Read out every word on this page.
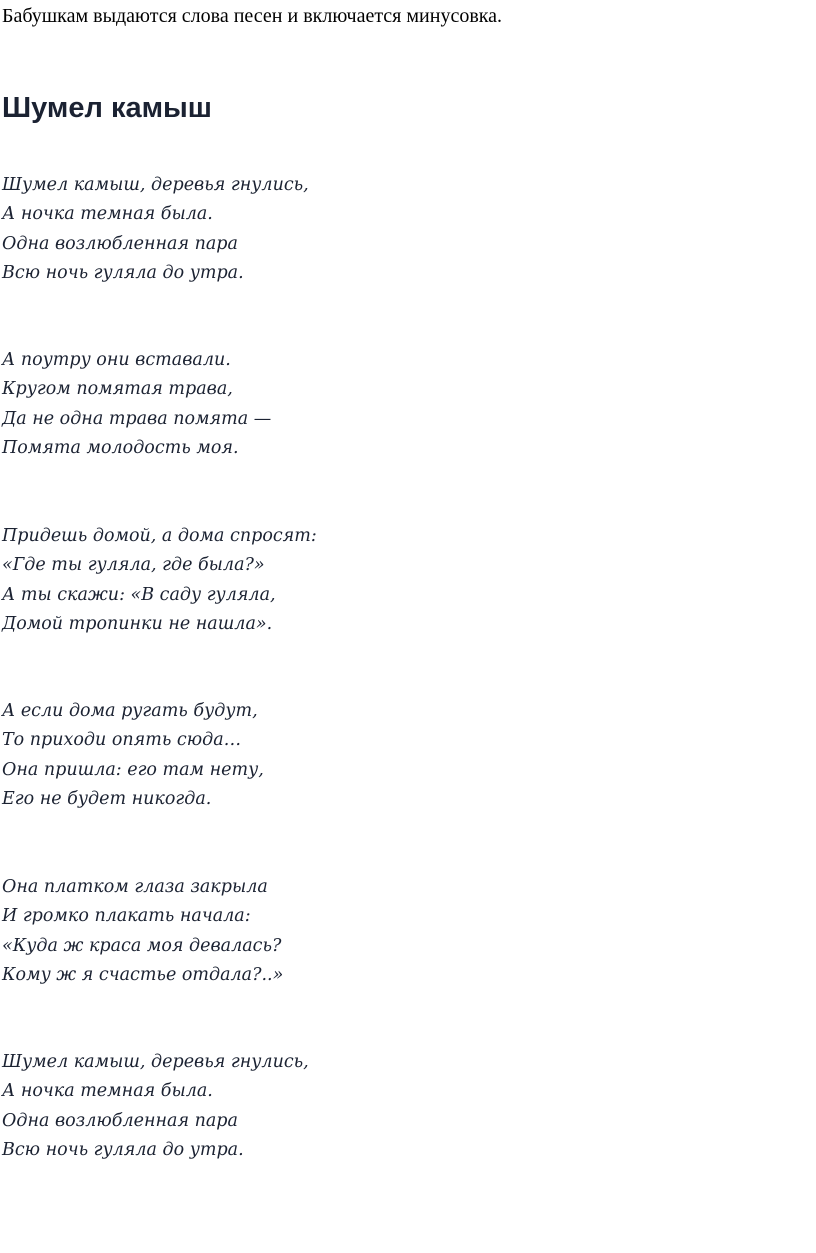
Бабушкам выдаются слова песен и включается минусовка.

Шумел камыш
Шумел камыш, деревья гнулись,
А ночка темная была.
Одна возлюбленная пара
Всю ночь гуляла до утра.
А поутру они вставали.
Кругом помятая трава,
Да не одна трава помята —
Помята молодость моя.
Придешь домой, а дома спросят:
«Где ты гуляла, где была?»
А ты скажи: «В саду гуляла,
Домой тропинки не нашла».
А если дома ругать будут,
То приходи опять сюда…
Она пришла: его там нету,
Его не будет никогда.
Она платком глаза закрыла
И громко плакать начала:
«Куда ж краса моя девалась?
Кому ж я счастье отдала?..»
Шумел камыш, деревья гнулись,
А ночка темная была.
Одна возлюбленная пара
Всю ночь гуляла до утра.
